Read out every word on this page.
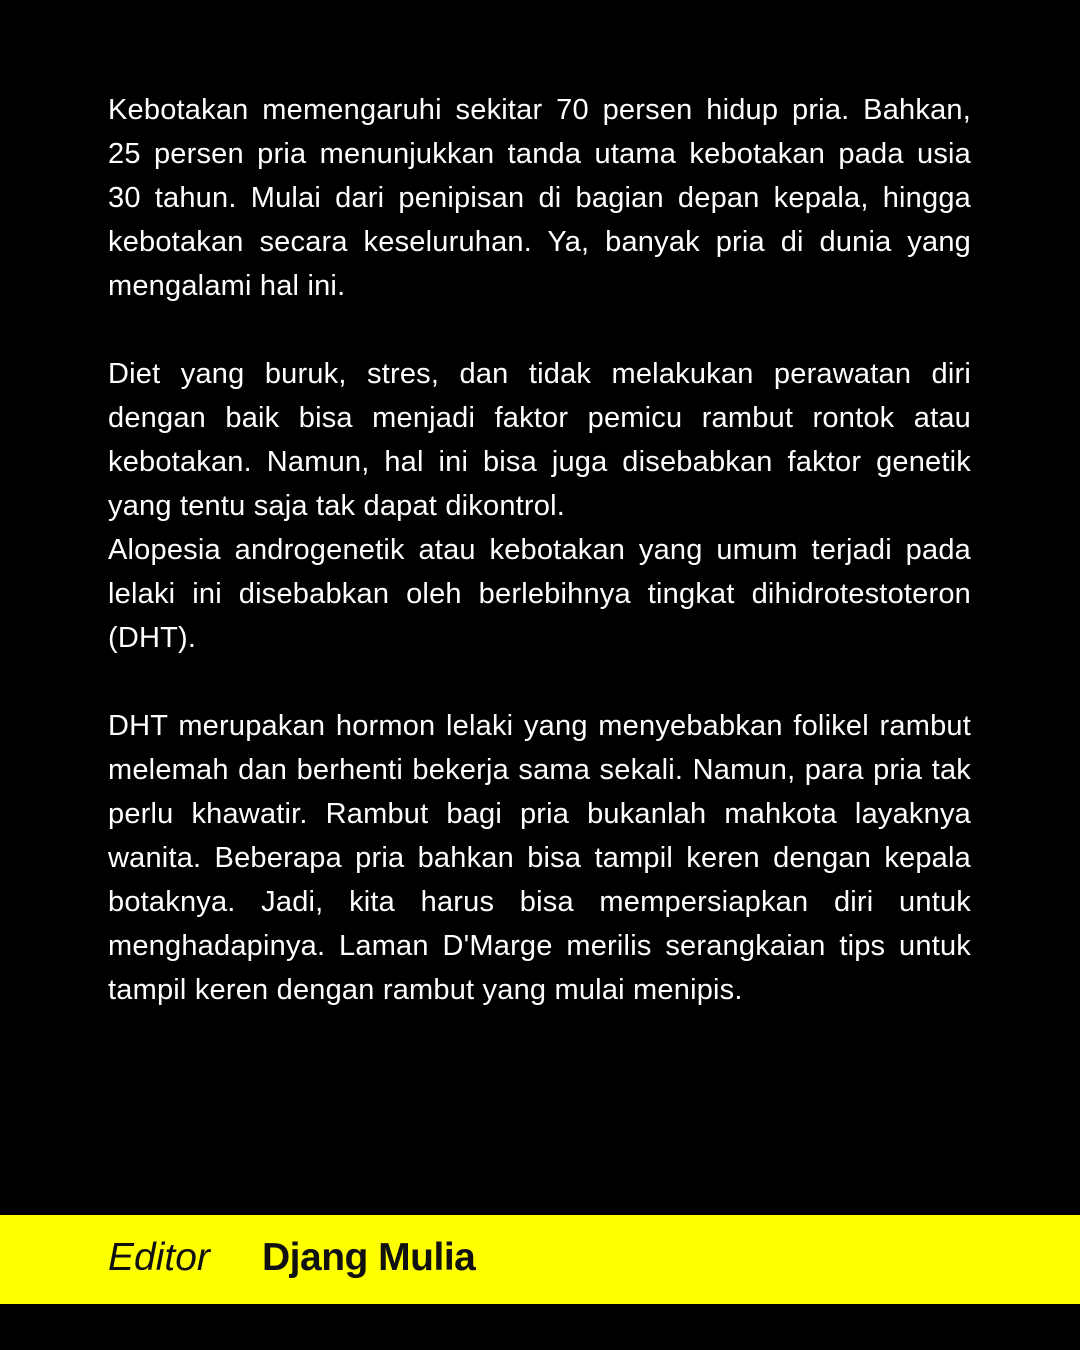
Kebotakan memengaruhi sekitar 70 persen hidup pria. Bahkan, 25 persen pria menunjukkan tanda utama kebotakan pada usia 30 tahun. Mulai dari penipisan di bagian depan kepala, hingga kebotakan secara keseluruhan. Ya, banyak pria di dunia yang mengalami hal ini.

Diet yang buruk, stres, dan tidak melakukan perawatan diri dengan baik bisa menjadi faktor pemicu rambut rontok atau kebotakan. Namun, hal ini bisa juga disebabkan faktor genetik yang tentu saja tak dapat dikontrol.

Alopesia androgenetik atau kebotakan yang umum terjadi pada lelaki ini disebabkan oleh berlebihnya tingkat dihidrotestoteron (DHT).

DHT merupakan hormon lelaki yang menyebabkan folikel rambut melemah dan berhenti bekerja sama sekali. Namun, para pria tak perlu khawatir. Rambut bagi pria bukanlah mahkota layaknya wanita. Beberapa pria bahkan bisa tampil keren dengan kepala botaknya. Jadi, kita harus bisa mempersiapkan diri untuk menghadapinya. Laman D'Marge merilis serangkaian tips untuk tampil keren dengan rambut yang mulai menipis.

Editor Djang Mulia
